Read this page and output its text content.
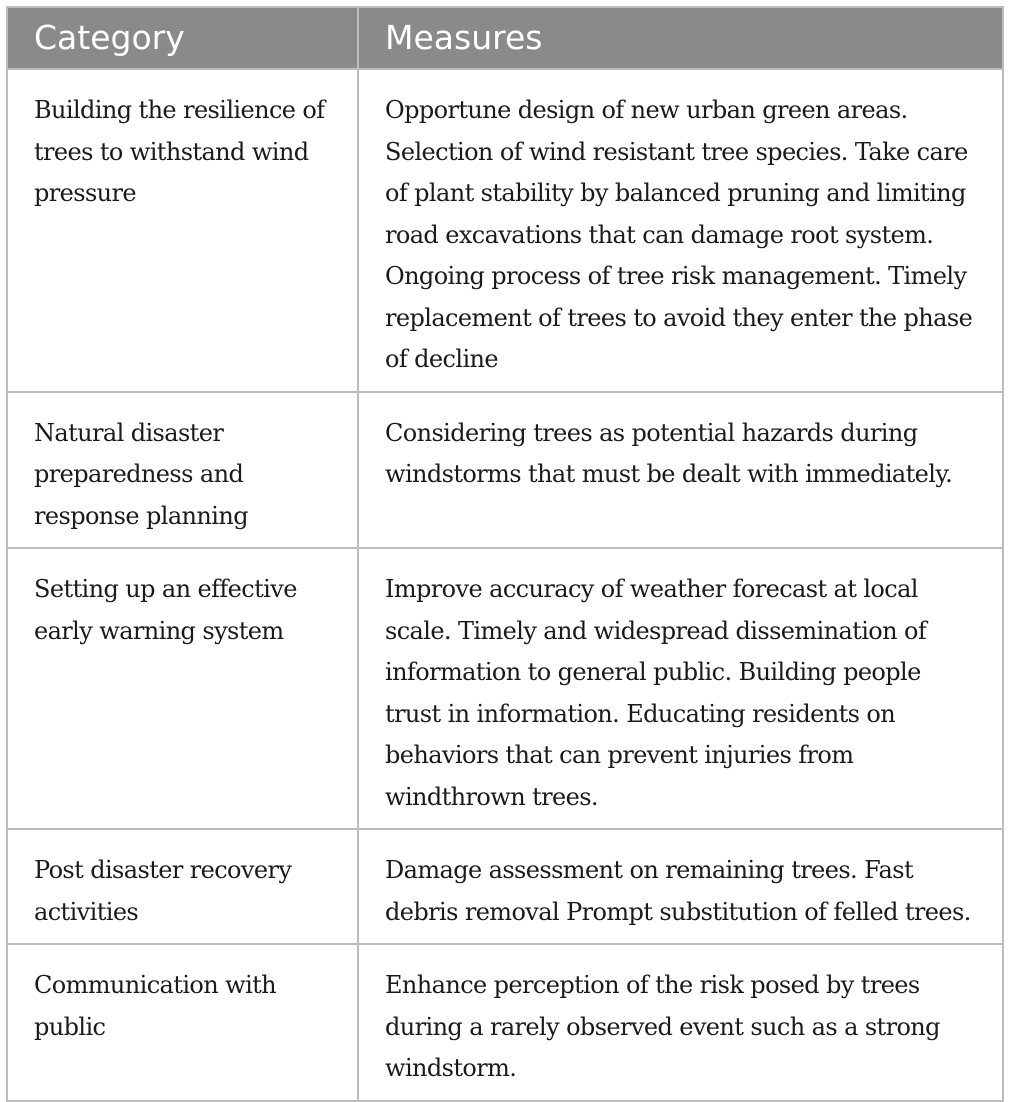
Category	Measures
Building the resilience of trees to withstand wind pressure	Opportune design of new urban green areas. Selection of wind resistant tree species. Take care of plant stability by balanced pruning and limiting road excavations that can damage root system. Ongoing process of tree risk management. Timely replacement of trees to avoid they enter the phase of decline
Natural disaster preparedness and response planning	Considering trees as potential hazards during windstorms that must be dealt with immediately.
Setting up an effective early warning system	Improve accuracy of weather forecast at local scale. Timely and widespread dissemination of information to general public. Building people trust in information. Educating residents on behaviors that can prevent injuries from windthrown trees.
Post disaster recovery activities	Damage assessment on remaining trees. Fast debris removal Prompt substitution of felled trees.
Communication with public	Enhance perception of the risk posed by trees during a rarely observed event such as a strong windstorm.
